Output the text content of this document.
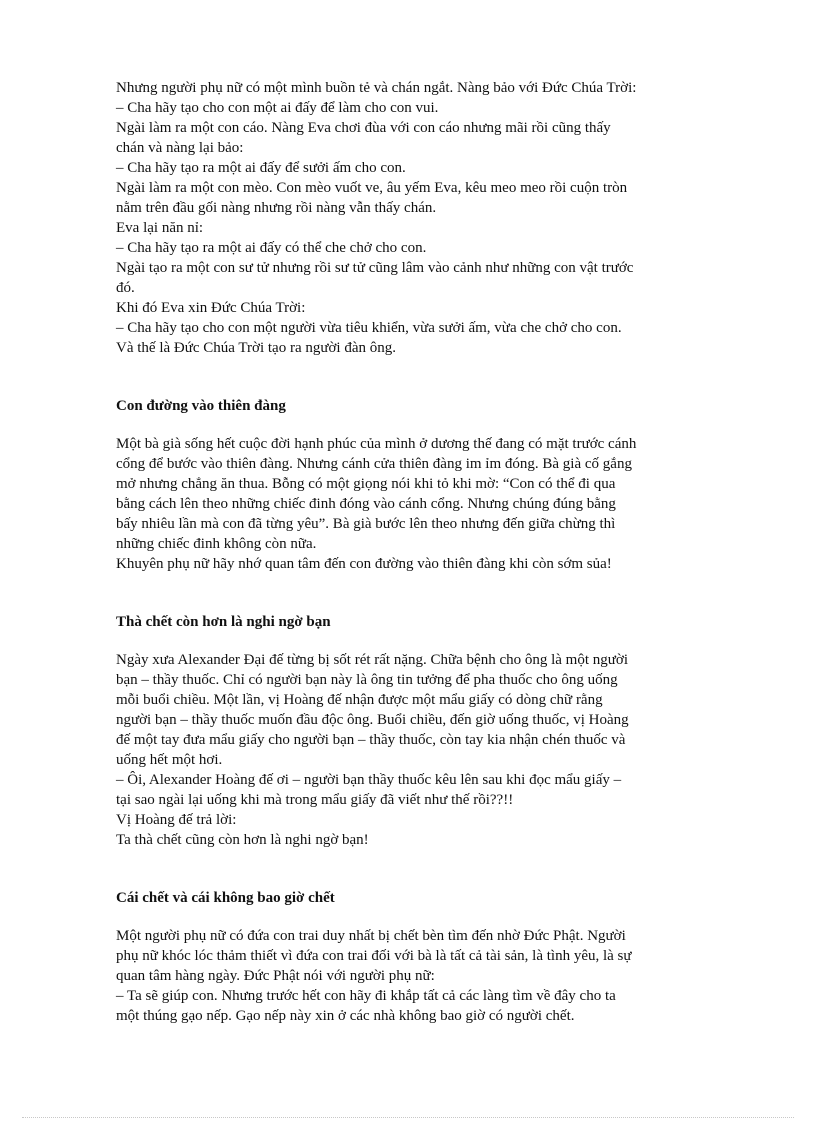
Nhưng người phụ nữ có một mình buồn tẻ và chán ngắt. Nàng bảo với Đức Chúa Trời:

– Cha hãy tạo cho con một ai đấy để làm cho con vui.

Ngài làm ra một con cáo. Nàng Eva chơi đùa với con cáo nhưng mãi rồi cũng thấy

chán và nàng lại bảo:

– Cha hãy tạo ra một ai đấy để sưởi ấm cho con.

Ngài làm ra một con mèo. Con mèo vuốt ve, âu yếm Eva, kêu meo meo rồi cuộn tròn

nằm trên đầu gối nàng nhưng rồi nàng vẫn thấy chán.

Eva lại năn nỉ:

– Cha hãy tạo ra một ai đấy có thể che chở cho con.

Ngài tạo ra một con sư tử nhưng rồi sư tử cũng lâm vào cảnh như những con vật trước

đó.

Khi đó Eva xin Đức Chúa Trời:

– Cha hãy tạo cho con một người vừa tiêu khiển, vừa sưởi ấm, vừa che chở cho con.

Và thế là Đức Chúa Trời tạo ra người đàn ông.

Con đường vào thiên đàng

Một bà già sống hết cuộc đời hạnh phúc của mình ở dương thế đang có mặt trước cánh

cổng để bước vào thiên đàng. Nhưng cánh cửa thiên đàng im ỉm đóng. Bà già cố gắng

mở nhưng chẳng ăn thua. Bỗng có một giọng nói khi tỏ khi mờ: “Con có thể đi qua

bằng cách lên theo những chiếc đinh đóng vào cánh cổng. Nhưng chúng đúng bằng

bấy nhiêu lần mà con đã từng yêu”. Bà già bước lên theo nhưng đến giữa chừng thì

những chiếc đinh không còn nữa.

Khuyên phụ nữ hãy nhớ quan tâm đến con đường vào thiên đàng khi còn sớm sủa!

Thà chết còn hơn là nghi ngờ bạn

Ngày xưa Alexander Đại đế từng bị sốt rét rất nặng. Chữa bệnh cho ông là một người

bạn – thầy thuốc. Chỉ có người bạn này là ông tin tưởng để pha thuốc cho ông uống

mỗi buổi chiều. Một lần, vị Hoàng đế nhận được một mẩu giấy có dòng chữ rằng

người bạn – thầy thuốc muốn đầu độc ông. Buổi chiều, đến giờ uống thuốc, vị Hoàng

đế một tay đưa mẩu giấy cho người bạn – thầy thuốc, còn tay kia nhận chén thuốc và

uống hết một hơi.

– Ôi, Alexander Hoàng đế ơi – người bạn thầy thuốc kêu lên sau khi đọc mẩu giấy –

tại sao ngài lại uống khi mà trong mẩu giấy đã viết như thế rồi??!!

Vị Hoàng đế trả lời:

Ta thà chết cũng còn hơn là nghi ngờ bạn!

Cái chết và cái không bao giờ chết

Một người phụ nữ có đứa con trai duy nhất bị chết bèn tìm đến nhờ Đức Phật. Người

phụ nữ khóc lóc thảm thiết vì đứa con trai đối với bà là tất cả tài sản, là tình yêu, là sự

quan tâm hàng ngày. Đức Phật nói với người phụ nữ:

– Ta sẽ giúp con. Nhưng trước hết con hãy đi khắp tất cả các làng tìm về đây cho ta

một thúng gạo nếp. Gạo nếp này xin ở các nhà không bao giờ có người chết.
